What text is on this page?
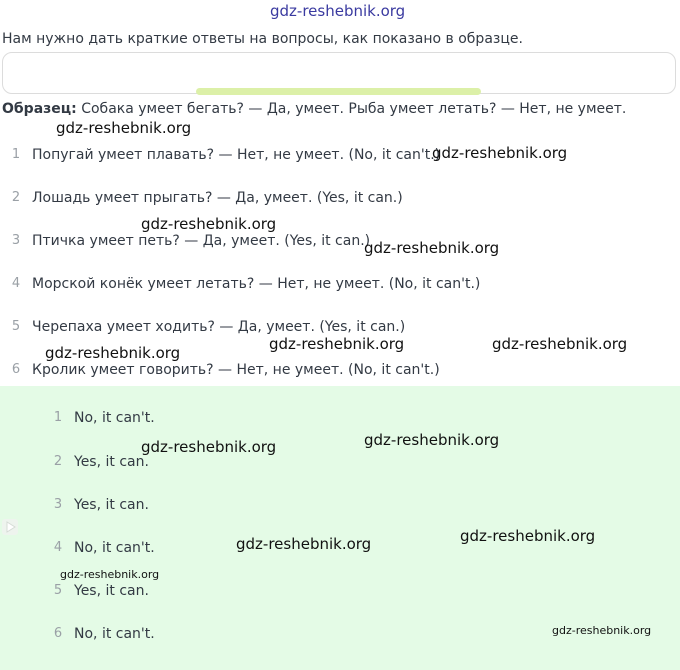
gdz-reshebnik.org
Нам нужно дать краткие ответы на вопросы, как показано в образце.
Образец: Собака умеет бегать? — Да, умеет. Рыба умеет летать? — Нет, не умеет.
gdz-reshebnik.org
1 Попугай умеет плавать? — Нет, не умеет. (No, it can't.)
gdz-reshebnik.org
2 Лошадь умеет прыгать? — Да, умеет. (Yes, it can.)
gdz-reshebnik.org
3 Птичка умеет петь? — Да, умеет. (Yes, it can.)
gdz-reshebnik.org
4 Морской конёк умеет летать? — Нет, не умеет. (No, it can't.)
5 Черепаха умеет ходить? — Да, умеет. (Yes, it can.)
gdz-reshebnik.org	gdz-reshebnik.org
gdz-reshebnik.org
6 Кролик умеет говорить? — Нет, не умеет. (No, it can't.)
1 No, it can't.
gdz-reshebnik.org
gdz-reshebnik.org
2 Yes, it can.
3 Yes, it can.
gdz-reshebnik.org
gdz-reshebnik.org
4 No, it can't.
gdz-reshebnik.org
5 Yes, it can.
gdz-reshebnik.org
6 No, it can't.
